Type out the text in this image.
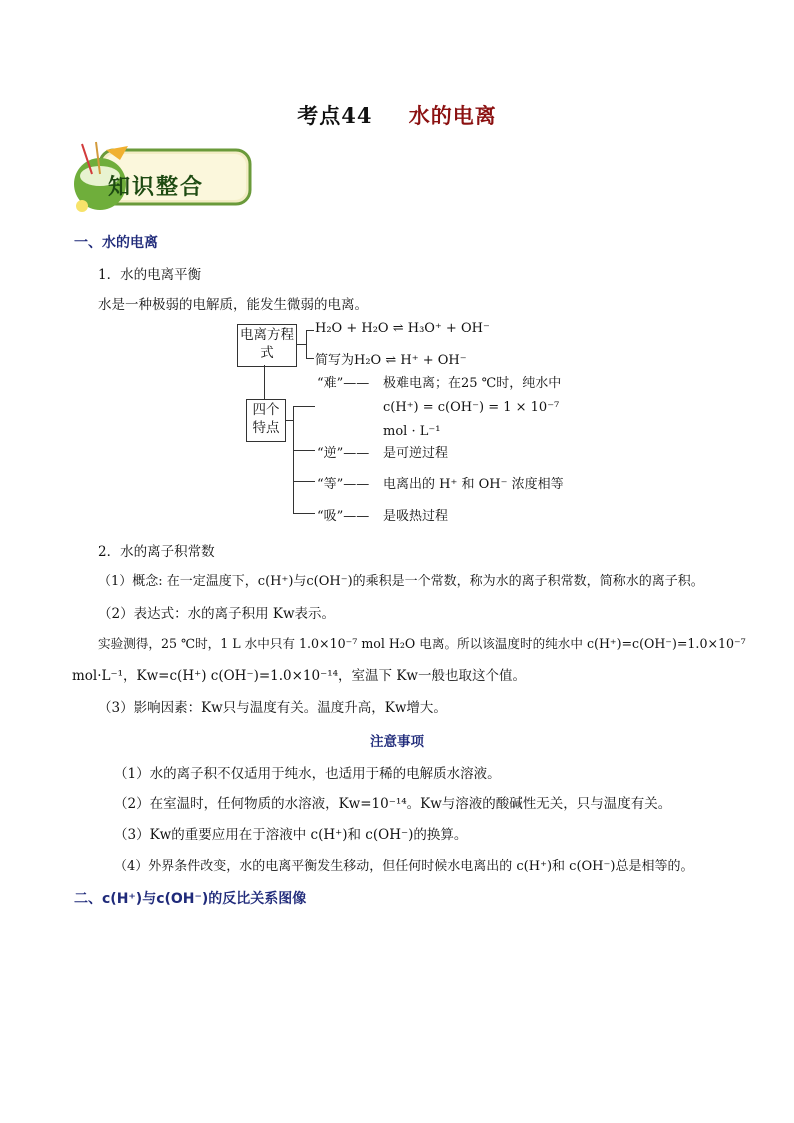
考点44 水的电离
知识整合
一、水的电离
1．水的电离平衡
水是一种极弱的电解质，能发生微弱的电离。
电离方程式
H₂O + H₂O ⇌ H₃O⁺ + OH⁻
简写为H₂O ⇌ H⁺ + OH⁻
四个特点
“难”—— 极难电离；在25 ℃时，纯水中
c(H⁺) = c(OH⁻) = 1 × 10⁻⁷
mol · L⁻¹
“逆”—— 是可逆过程
“等”—— 电离出的 H⁺ 和 OH⁻ 浓度相等
“吸”—— 是吸热过程
2．水的离子积常数
（1）概念: 在一定温度下，c(H⁺)与c(OH⁻)的乘积是一个常数，称为水的离子积常数，简称水的离子积。
（2）表达式：水的离子积用 Kw表示。
实验测得，25 ℃时，1 L 水中只有 1.0×10⁻⁷ mol H₂O 电离。所以该温度时的纯水中 c(H⁺)=c(OH⁻)=1.0×10⁻⁷
mol·L⁻¹，Kw=c(H⁺) c(OH⁻)=1.0×10⁻¹⁴，室温下 Kw一般也取这个值。
（3）影响因素：Kw只与温度有关。温度升高，Kw增大。
注意事项
（1）水的离子积不仅适用于纯水，也适用于稀的电解质水溶液。
（2）在室温时，任何物质的水溶液，Kw=10⁻¹⁴。Kw与溶液的酸碱性无关，只与温度有关。
（3）Kw的重要应用在于溶液中 c(H⁺)和 c(OH⁻)的换算。
（4）外界条件改变，水的电离平衡发生移动，但任何时候水电离出的 c(H⁺)和 c(OH⁻)总是相等的。
二、c(H⁺)与c(OH⁻)的反比关系图像
